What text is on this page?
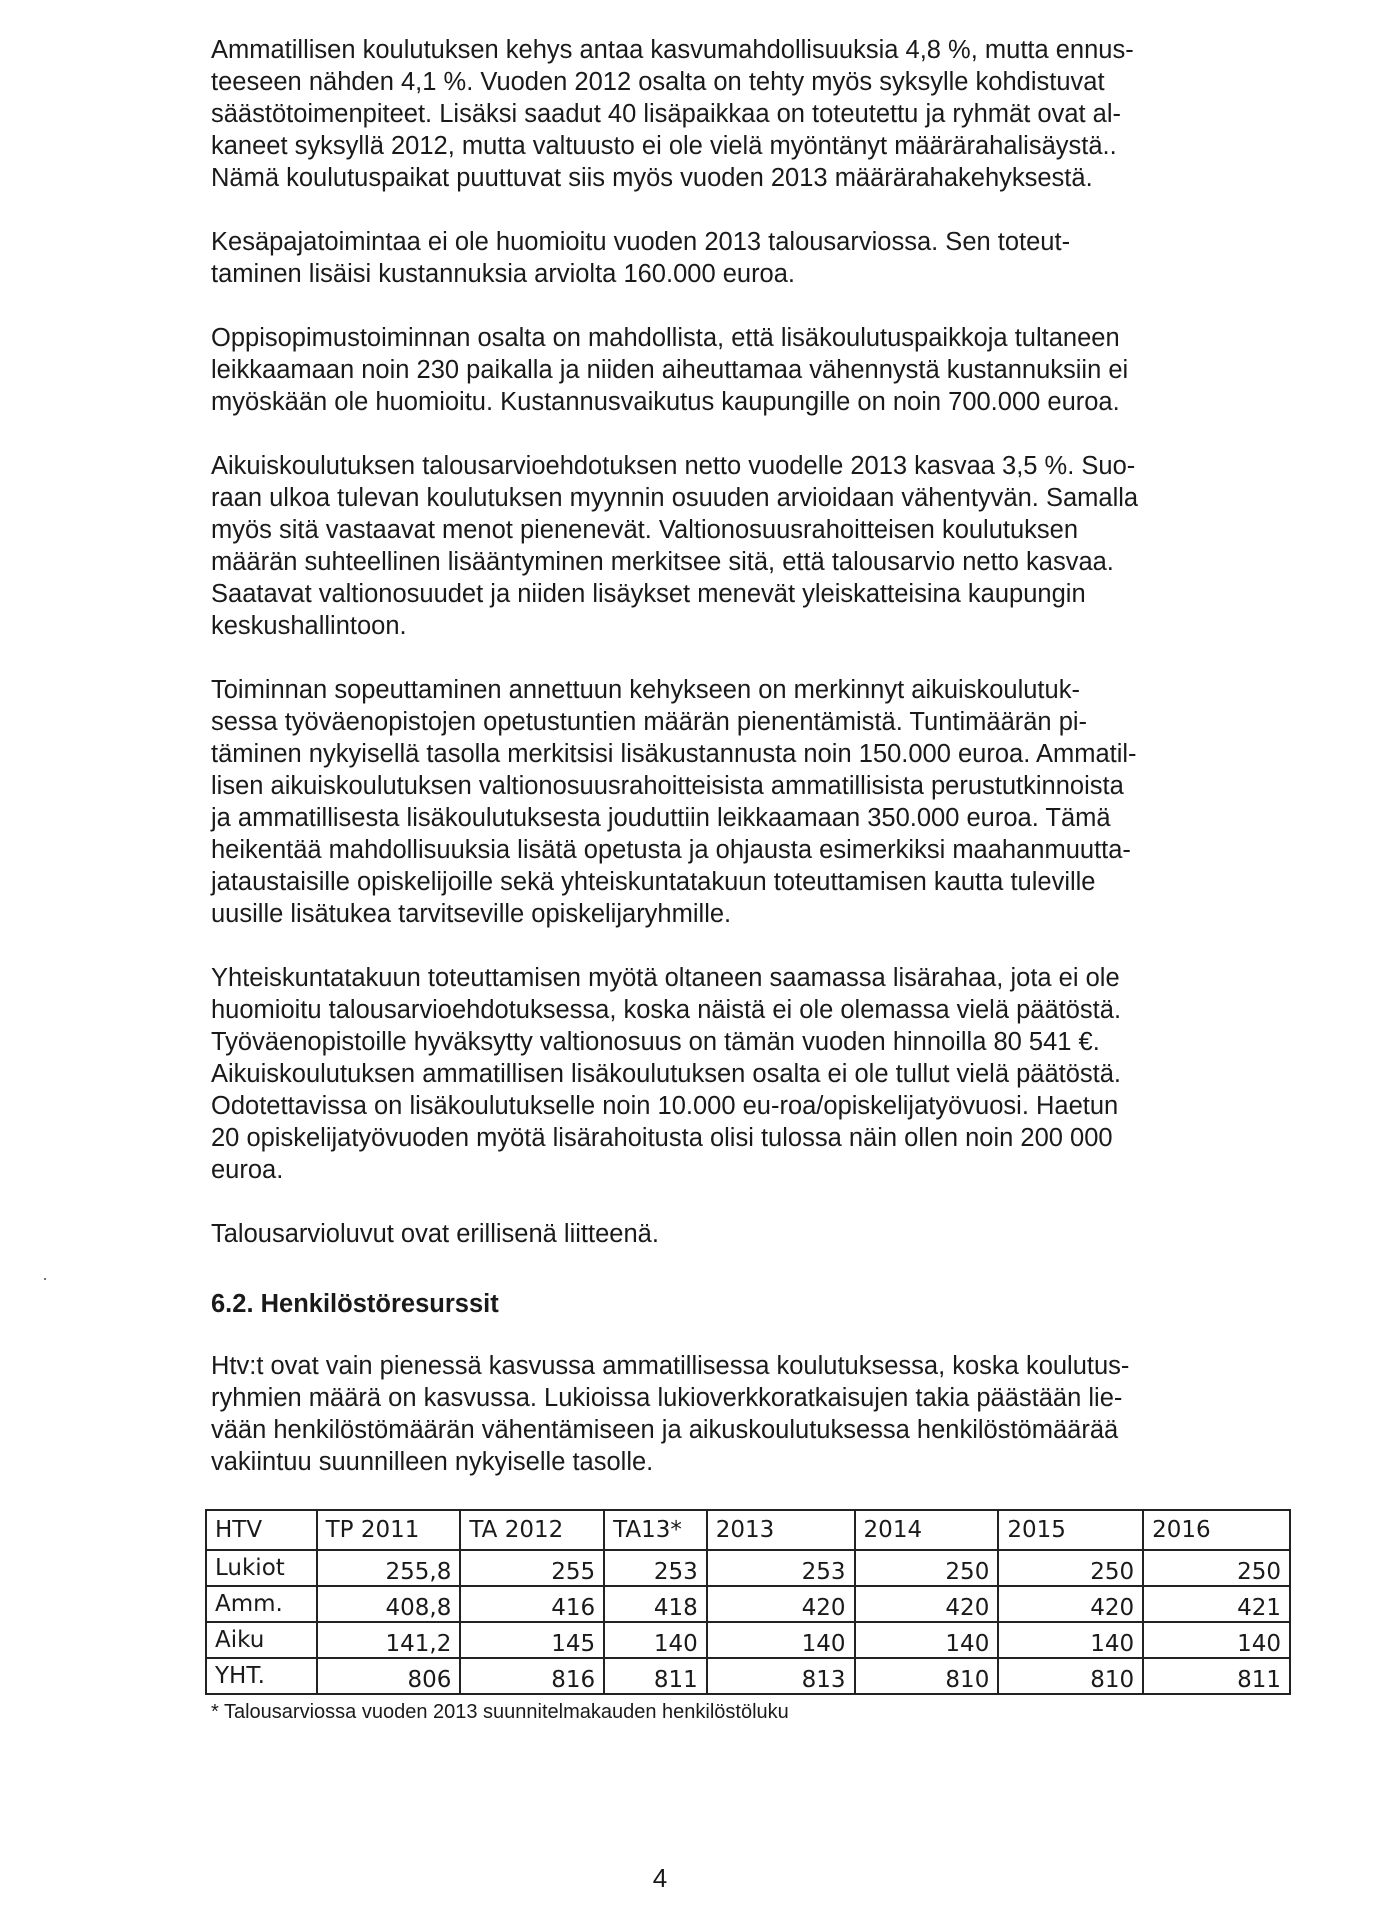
Ammatillisen koulutuksen kehys antaa kasvumahdollisuuksia 4,8 %, mutta ennus-
teeseen nähden 4,1 %. Vuoden 2012 osalta on tehty myös syksylle kohdistuvat
säästötoimenpiteet. Lisäksi saadut 40 lisäpaikkaa on toteutettu ja ryhmät ovat al-
kaneet syksyllä 2012, mutta valtuusto ei ole vielä myöntänyt määrärahalisäystä..
Nämä koulutuspaikat puuttuvat siis myös vuoden 2013 määrärahakehyksestä.
Kesäpajatoimintaa ei ole huomioitu vuoden 2013 talousarviossa. Sen toteut-
taminen lisäisi kustannuksia arviolta 160.000 euroa.
Oppisopimustoiminnan osalta on mahdollista, että lisäkoulutuspaikkoja tultaneen
leikkaamaan noin 230 paikalla ja niiden aiheuttamaa vähennystä kustannuksiin ei
myöskään ole huomioitu. Kustannusvaikutus kaupungille on noin 700.000 euroa.
Aikuiskoulutuksen talousarvioehdotuksen netto vuodelle 2013 kasvaa 3,5 %. Suo-
raan ulkoa tulevan koulutuksen myynnin osuuden arvioidaan vähentyvän. Samalla
myös sitä vastaavat menot pienenevät. Valtionosuusrahoitteisen koulutuksen
määrän suhteellinen lisääntyminen merkitsee sitä, että talousarvio netto kasvaa.
Saatavat valtionosuudet ja niiden lisäykset menevät yleiskatteisina kaupungin
keskushallintoon.
Toiminnan sopeuttaminen annettuun kehykseen on merkinnyt aikuiskoulutuk-
sessa työväenopistojen opetustuntien määrän pienentämistä. Tuntimäärän pi-
täminen nykyisellä tasolla merkitsisi lisäkustannusta noin 150.000 euroa. Ammatil-
lisen aikuiskoulutuksen valtionosuusrahoitteisista ammatillisista perustutkinnoista
ja ammatillisesta lisäkoulutuksesta jouduttiin leikkaamaan 350.000 euroa. Tämä
heikentää mahdollisuuksia lisätä opetusta ja ohjausta esimerkiksi maahanmuutta-
jataustaisille opiskelijoille sekä yhteiskuntatakuun toteuttamisen kautta tuleville
uusille lisätukea tarvitseville opiskelijaryhmille.
Yhteiskuntatakuun toteuttamisen myötä oltaneen saamassa lisärahaa, jota ei ole
huomioitu talousarvioehdotuksessa, koska näistä ei ole olemassa vielä päätöstä.
Työväenopistoille hyväksytty valtionosuus on tämän vuoden hinnoilla 80 541 €.
Aikuiskoulutuksen ammatillisen lisäkoulutuksen osalta ei ole tullut vielä päätöstä.
Odotettavissa on lisäkoulutukselle noin 10.000 eu-roa/opiskelijatyövuosi. Haetun
20 opiskelijatyövuoden myötä lisärahoitusta olisi tulossa näin ollen noin 200 000
euroa.
Talousarvioluvut ovat erillisenä liitteenä.
6.2. Henkilöstöresurssit
Htv:t ovat vain pienessä kasvussa ammatillisessa koulutuksessa, koska koulutus-
ryhmien määrä on kasvussa. Lukioissa lukioverkkoratkaisujen takia päästään lie-
vään henkilöstömäärän vähentämiseen ja aikuskoulutuksessa henkilöstömäärää
vakiintuu suunnilleen nykyiselle tasolle.
HTV	TP 2011	TA 2012	TA13*	2013	2014	2015	2016
Lukiot	255,8	255	253	253	250	250	250
Amm.	408,8	416	418	420	420	420	421
Aiku	141,2	145	140	140	140	140	140
YHT.	806	816	811	813	810	810	811

* Talousarviossa vuoden 2013 suunnitelmakauden henkilöstöluku

4
